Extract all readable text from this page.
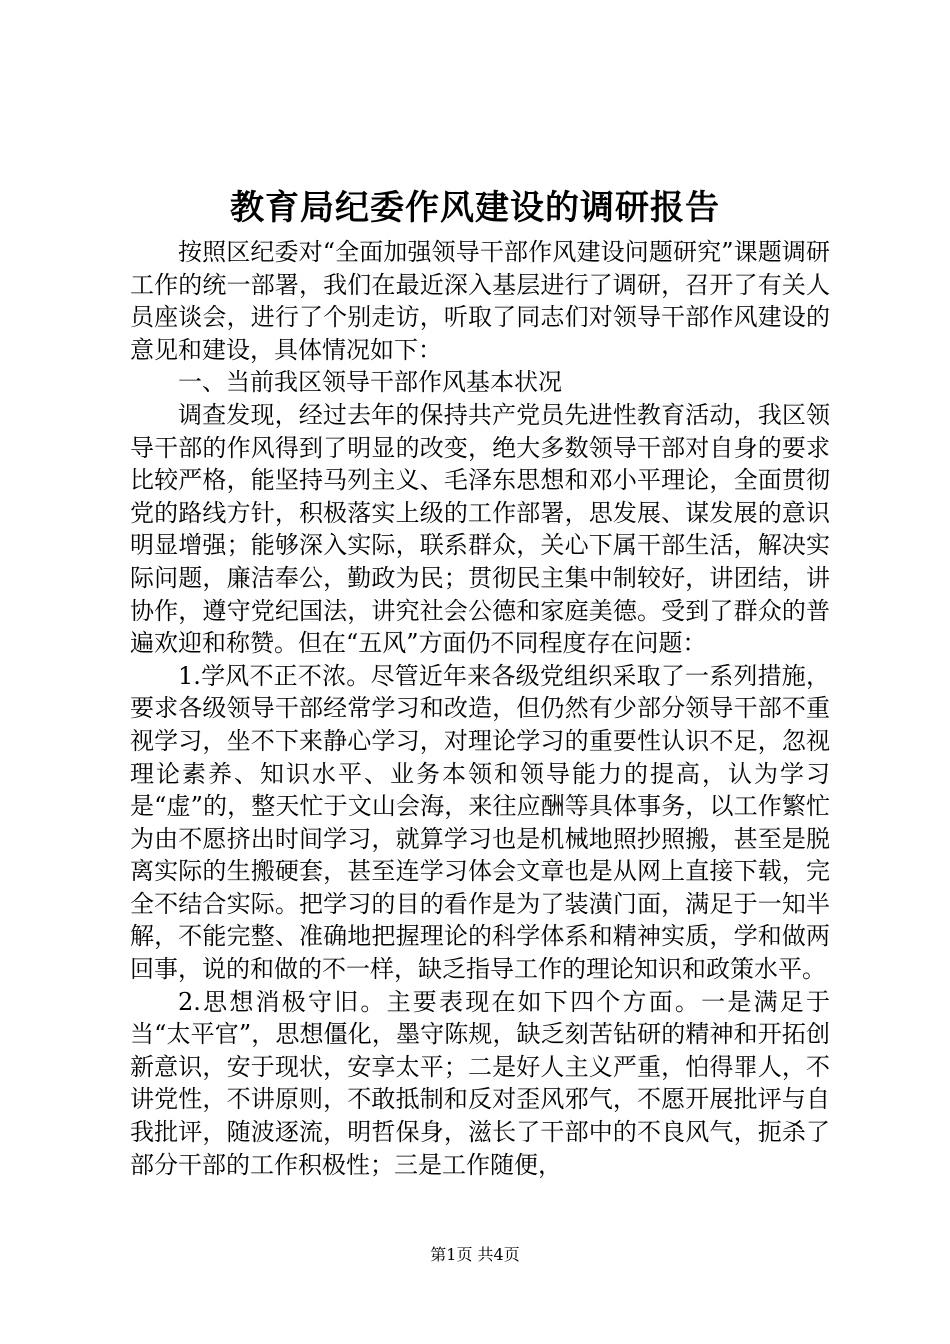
教育局纪委作风建设的调研报告

按照区纪委对“全面加强领导干部作风建设问题研究”课题调研工作的统一部署，我们在最近深入基层进行了调研，召开了有关人员座谈会，进行了个别走访，听取了同志们对领导干部作风建设的意见和建设，具体情况如下：

一、当前我区领导干部作风基本状况

调查发现，经过去年的保持共产党员先进性教育活动，我区领导干部的作风得到了明显的改变，绝大多数领导干部对自身的要求比较严格，能坚持马列主义、毛泽东思想和邓小平理论，全面贯彻党的路线方针，积极落实上级的工作部署，思发展、谋发展的意识明显增强；能够深入实际，联系群众，关心下属干部生活，解决实际问题，廉洁奉公，勤政为民；贯彻民主集中制较好，讲团结，讲协作，遵守党纪国法，讲究社会公德和家庭美德。受到了群众的普遍欢迎和称赞。但在“五风”方面仍不同程度存在问题：

1.学风不正不浓。尽管近年来各级党组织采取了一系列措施，要求各级领导干部经常学习和改造，但仍然有少部分领导干部不重视学习，坐不下来静心学习，对理论学习的重要性认识不足，忽视理论素养、知识水平、业务本领和领导能力的提高，认为学习是“虚”的，整天忙于文山会海，来往应酬等具体事务，以工作繁忙为由不愿挤出时间学习，就算学习也是机械地照抄照搬，甚至是脱离实际的生搬硬套，甚至连学习体会文章也是从网上直接下载，完全不结合实际。把学习的目的看作是为了装潢门面，满足于一知半解，不能完整、准确地把握理论的科学体系和精神实质，学和做两回事，说的和做的不一样，缺乏指导工作的理论知识和政策水平。

2.思想消极守旧。主要表现在如下四个方面。一是满足于当“太平官”，思想僵化，墨守陈规，缺乏刻苦钻研的精神和开拓创新意识，安于现状，安享太平；二是好人主义严重，怕得罪人，不讲党性，不讲原则，不敢抵制和反对歪风邪气，不愿开展批评与自我批评，随波逐流，明哲保身，滋长了干部中的不良风气，扼杀了部分干部的工作积极性；三是工作随便，

第1页 共4页
